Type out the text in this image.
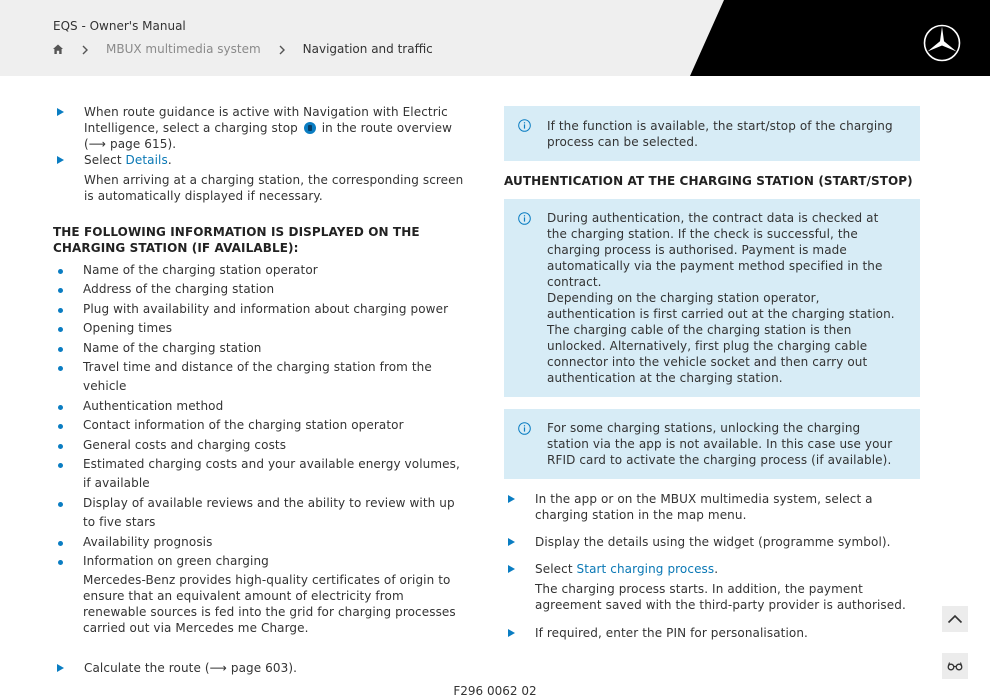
EQS - Owner's Manual
MBUX multimedia system	Navigation and traffic
When route guidance is active with Navigation with Electric Intelligence, select a charging stop in the route overview (⟶ page 615).
Select Details.
When arriving at a charging station, the corresponding screen is automatically displayed if necessary.
THE FOLLOWING INFORMATION IS DISPLAYED ON THE CHARGING STATION (IF AVAILABLE):
Name of the charging station operator
Address of the charging station
Plug with availability and information about charging power
Opening times
Name of the charging station
Travel time and distance of the charging station from the vehicle
Authentication method
Contact information of the charging station operator
General costs and charging costs
Estimated charging costs and your available energy volumes, if available
Display of available reviews and the ability to review with up to five stars
Availability prognosis
Information on green charging
Mercedes-Benz provides high-quality certificates of origin to ensure that an equivalent amount of electricity from renewable sources is fed into the grid for charging processes carried out via Mercedes me Charge.
Calculate the route (⟶ page 603).
If the function is available, the start/stop of the charging process can be selected.
AUTHENTICATION AT THE CHARGING STATION (START/STOP)
During authentication, the contract data is checked at the charging station. If the check is successful, the charging process is authorised. Payment is made automatically via the payment method specified in the contract.
Depending on the charging station operator, authentication is first carried out at the charging station. The charging cable of the charging station is then unlocked. Alternatively, first plug the charging cable connector into the vehicle socket and then carry out authentication at the charging station.
For some charging stations, unlocking the charging station via the app is not available. In this case use your RFID card to activate the charging process (if available).
In the app or on the MBUX multimedia system, select a charging station in the map menu.
Display the details using the widget (programme symbol).
Select Start charging process.
The charging process starts. In addition, the payment agreement saved with the third-party provider is authorised.
If required, enter the PIN for personalisation.
F296 0062 02
